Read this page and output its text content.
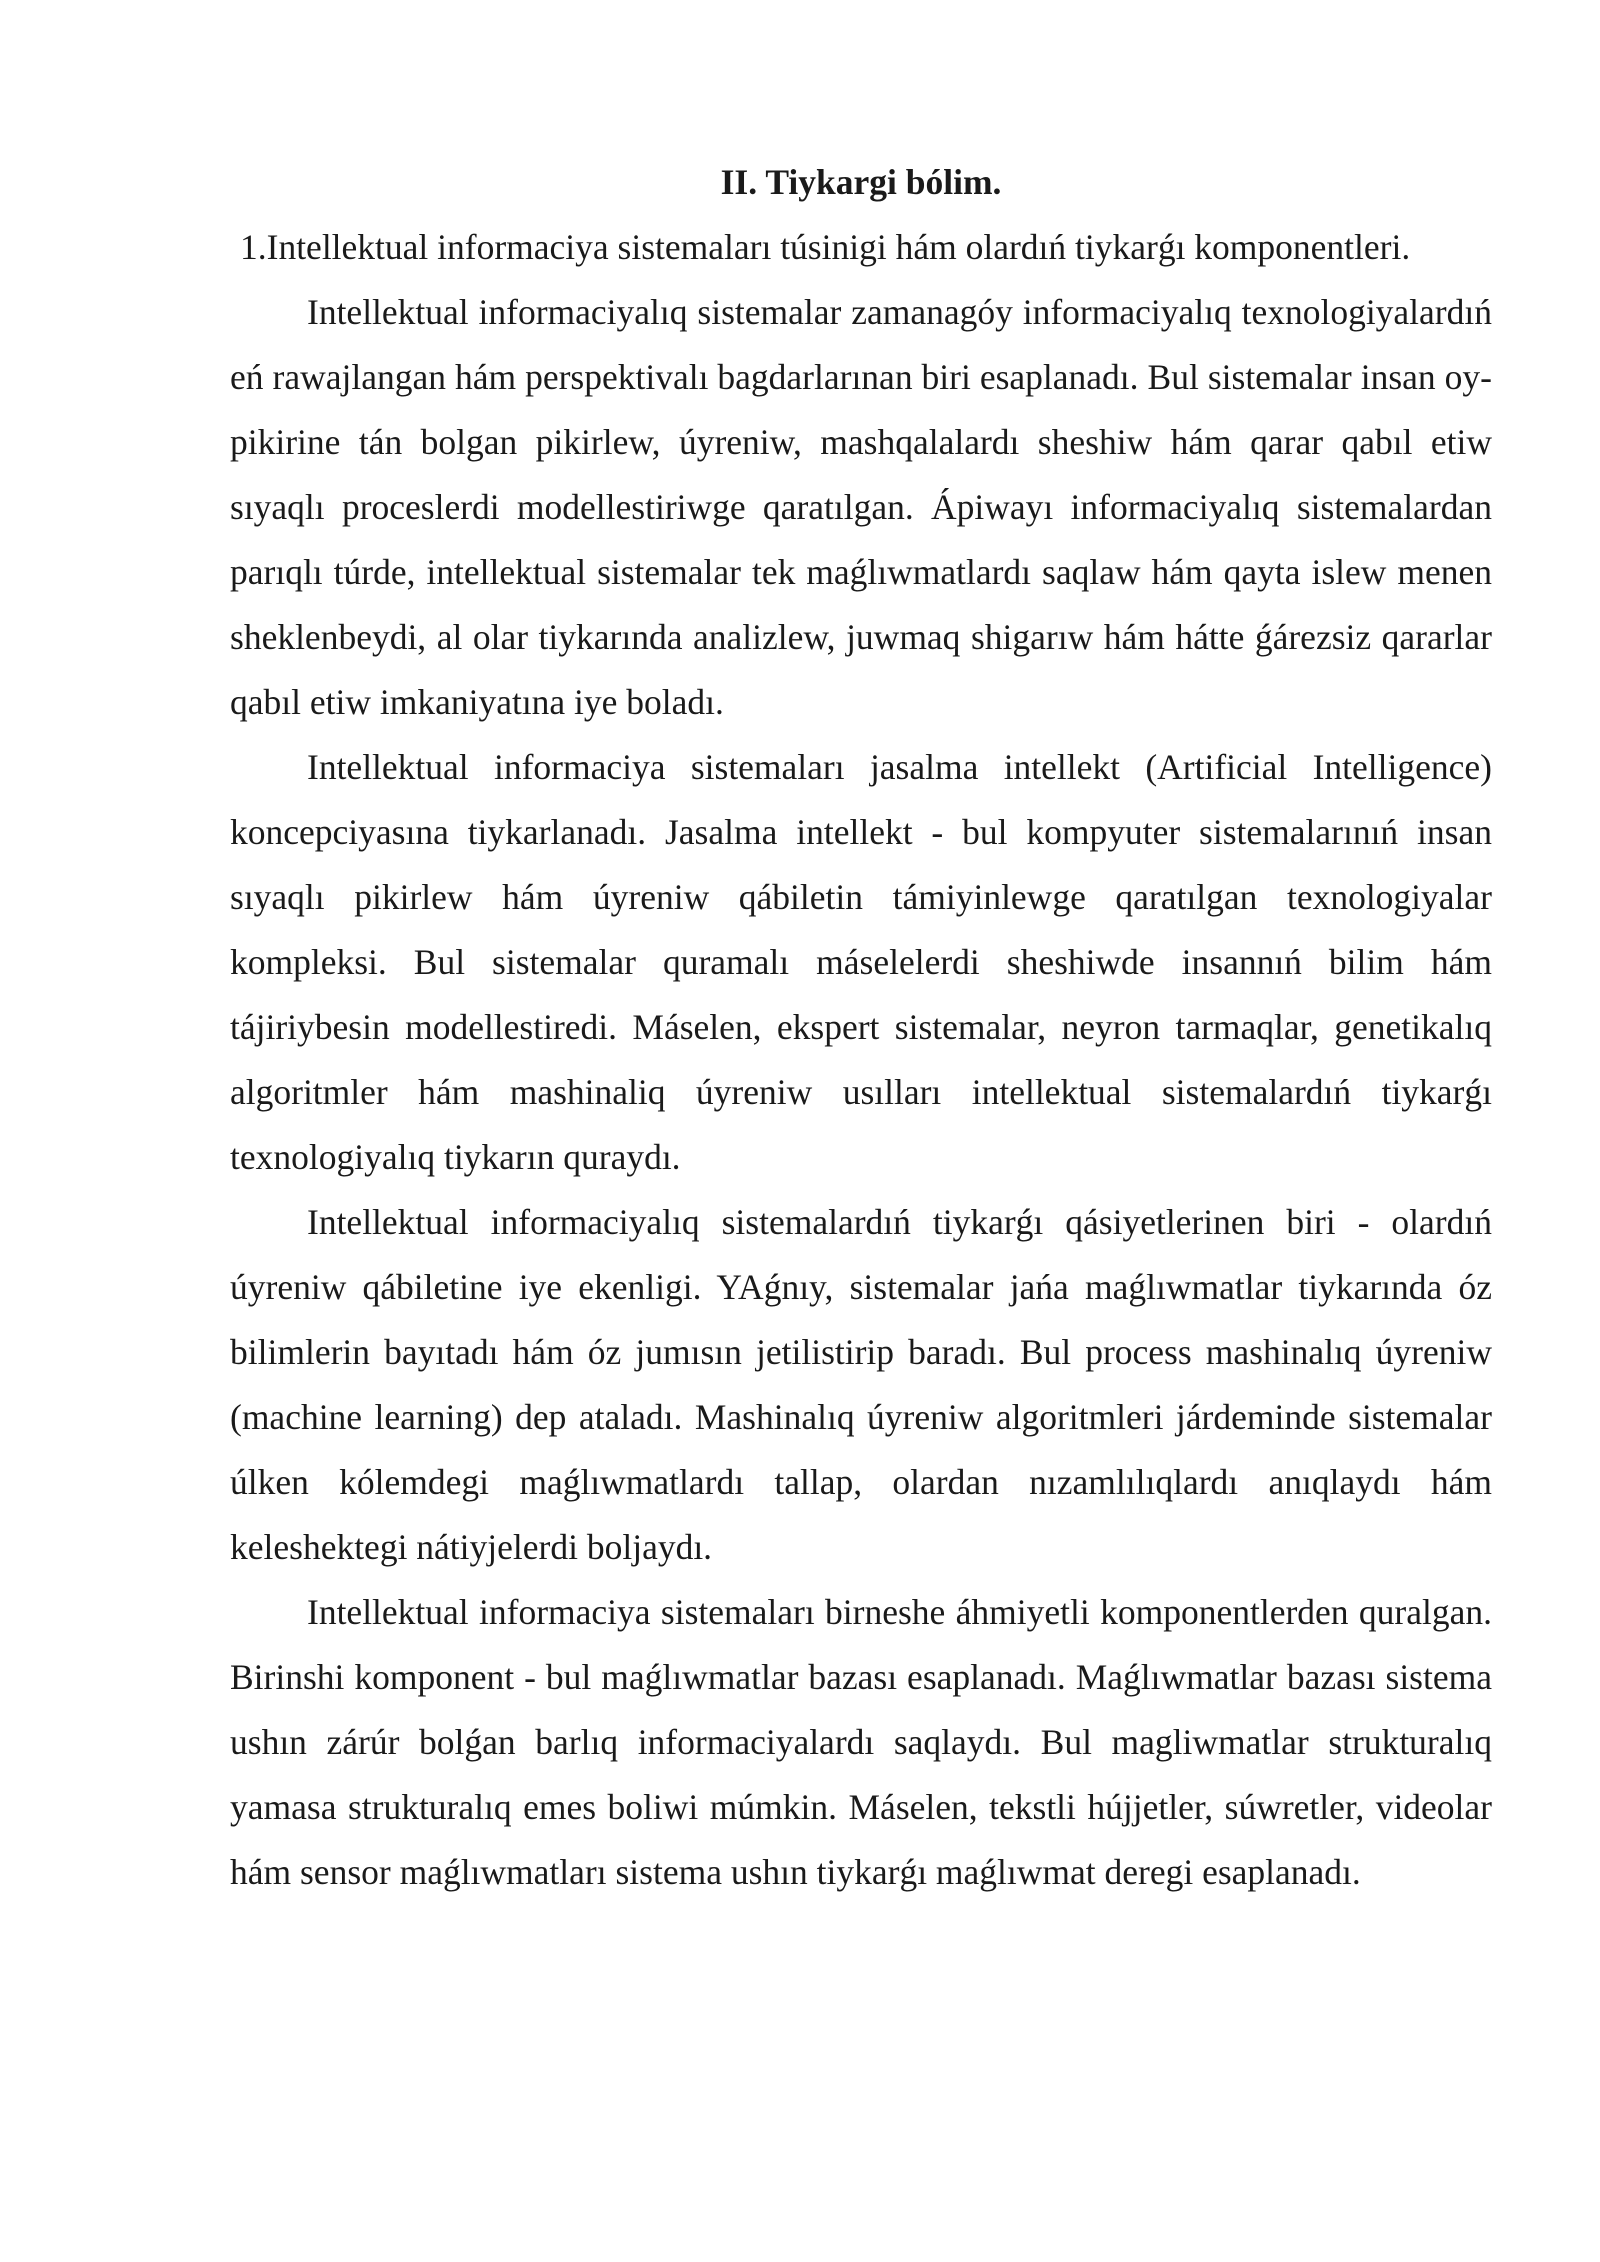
II. Tiykargi bólim.

1.Intellektual informaciya sistemaları túsinigi hám olardıń tiykarǵı komponentleri.

Intellektual informaciyalıq sistemalar zamanagóy informaciyalıq texnologiyalardıń eń rawajlangan hám perspektivalı bagdarlarınan biri esaplanadı. Bul sistemalar insan oy-pikirine tán bolgan pikirlew, úyreniw, mashqalalardı sheshiw hám qarar qabıl etiw sıyaqlı proceslerdi modellestiriwge qaratılgan. Ápiwayı informaciyalıq sistemalardan parıqlı túrde, intellektual sistemalar tek maǵlıwmatlardı saqlaw hám qayta islew menen sheklenbeydi, al olar tiykarında analizlew, juwmaq shigarıw hám hátte ǵárezsiz qararlar qabıl etiw imkaniyatına iye boladı.

Intellektual informaciya sistemaları jasalma intellekt (Artificial Intelligence) koncepciyasına tiykarlanadı. Jasalma intellekt - bul kompyuter sistemalarınıń insan sıyaqlı pikirlew hám úyreniw qábiletin támiyinlewge qaratılgan texnologiyalar kompleksi. Bul sistemalar quramalı máselelerdi sheshiwde insannıń bilim hám tájiriybesin modellestiredi. Máselen, ekspert sistemalar, neyron tarmaqlar, genetikalıq algoritmler hám mashinaliq úyreniw usılları intellektual sistemalardıń tiykarǵı texnologiyalıq tiykarın quraydı.

Intellektual informaciyalıq sistemalardıń tiykarǵı qásiyetlerinen biri - olardıń úyreniw qábiletine iye ekenligi. YAǵnıy, sistemalar jańa maǵlıwmatlar tiykarında óz bilimlerin bayıtadı hám óz jumısın jetilistirip baradı. Bul process mashinalıq úyreniw (machine learning) dep ataladı. Mashinalıq úyreniw algoritmleri járdeminde sistemalar úlken kólemdegi maǵlıwmatlardı tallap, olardan nızamlılıqlardı anıqlaydı hám keleshektegi nátiyjelerdi boljaydı.

Intellektual informaciya sistemaları birneshe áhmiyetli komponentlerden quralgan. Birinshi komponent - bul maǵlıwmatlar bazası esaplanadı. Maǵlıwmatlar bazası sistema ushın zárúr bolǵan barlıq informaciyalardı saqlaydı. Bul magliwmatlar strukturalıq yamasa strukturalıq emes boliwi múmkin. Máselen, tekstli hújjetler, súwretler, videolar hám sensor maǵlıwmatları sistema ushın tiykarǵı maǵlıwmat deregi esaplanadı.
